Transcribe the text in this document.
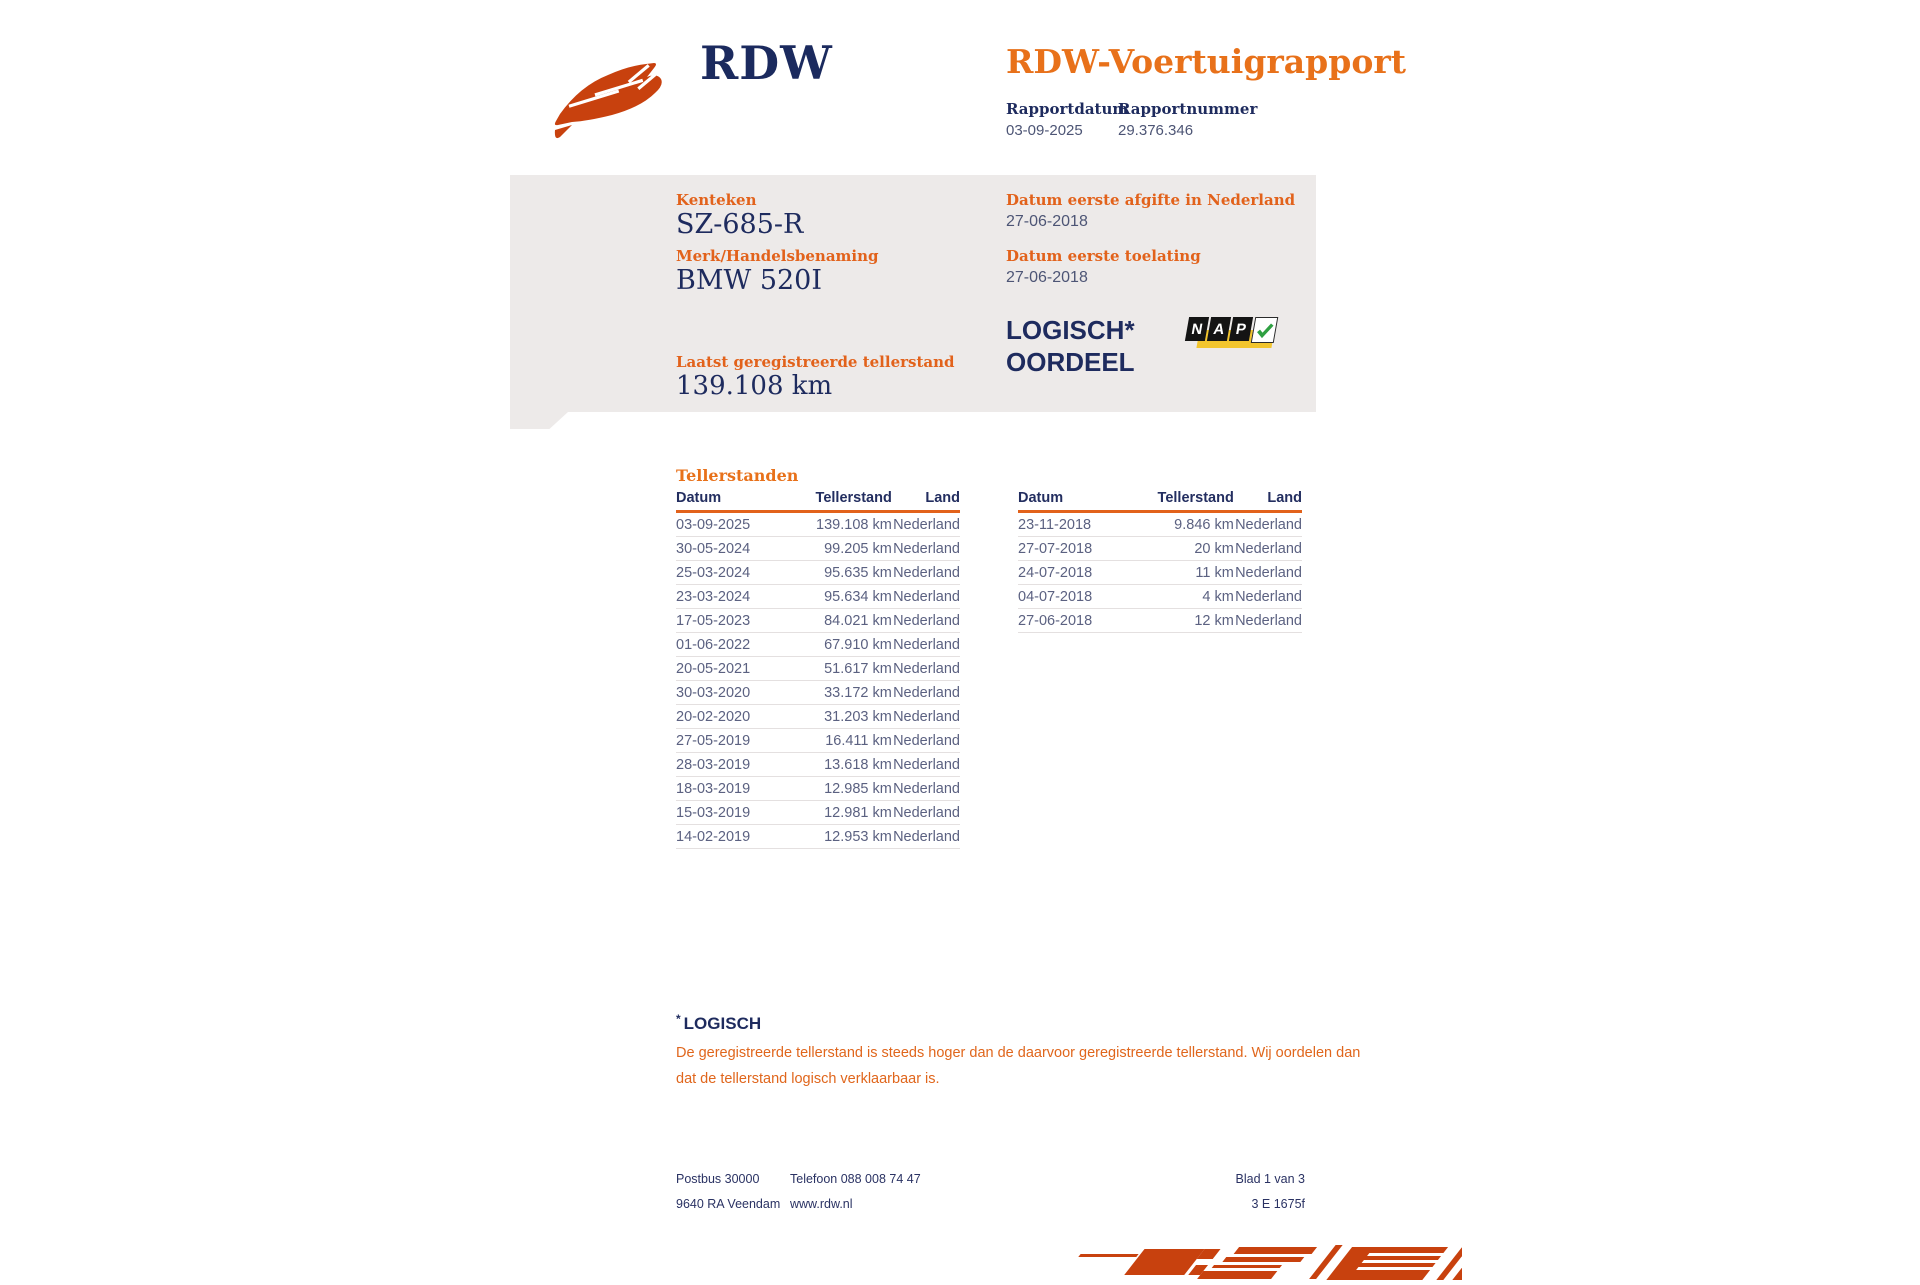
RDW	RDW-Voertuigrapport
Rapportdatum
Rapportnummer
03-09-2025 29.376.346
Kenteken
SZ-685-R
Merk/Handelsbenaming
BMW 520I
Datum eerste afgifte in Nederland
27-06-2018
Datum eerste toelating
27-06-2018
Laatst geregistreerde tellerstand
139.108 km
LOGISCH*
OORDEEL
N A P
Tellerstanden
Datum	Tellerstand	Land
03-09-2025	139.108 km	Nederland
30-05-2024	99.205 km	Nederland
25-03-2024	95.635 km	Nederland
23-03-2024	95.634 km	Nederland
17-05-2023	84.021 km	Nederland
01-06-2022	67.910 km	Nederland
20-05-2021	51.617 km	Nederland
30-03-2020	33.172 km	Nederland
20-02-2020	31.203 km	Nederland
27-05-2019	16.411 km	Nederland
28-03-2019	13.618 km	Nederland
18-03-2019	12.985 km	Nederland
15-03-2019	12.981 km	Nederland
14-02-2019	12.953 km	Nederland
Datum	Tellerstand	Land
23-11-2018	9.846 km	Nederland
27-07-2018	20 km	Nederland
24-07-2018	11 km	Nederland
04-07-2018	4 km	Nederland
27-06-2018	12 km	Nederland
* LOGISCH
De geregistreerde tellerstand is steeds hoger dan de daarvoor geregistreerde tellerstand. Wij oordelen dan
dat de tellerstand logisch verklaarbaar is.
Postbus 30000
9640 RA Veendam
Telefoon 088 008 74 47
www.rdw.nl
Blad 1 van 3
3 E 1675f
